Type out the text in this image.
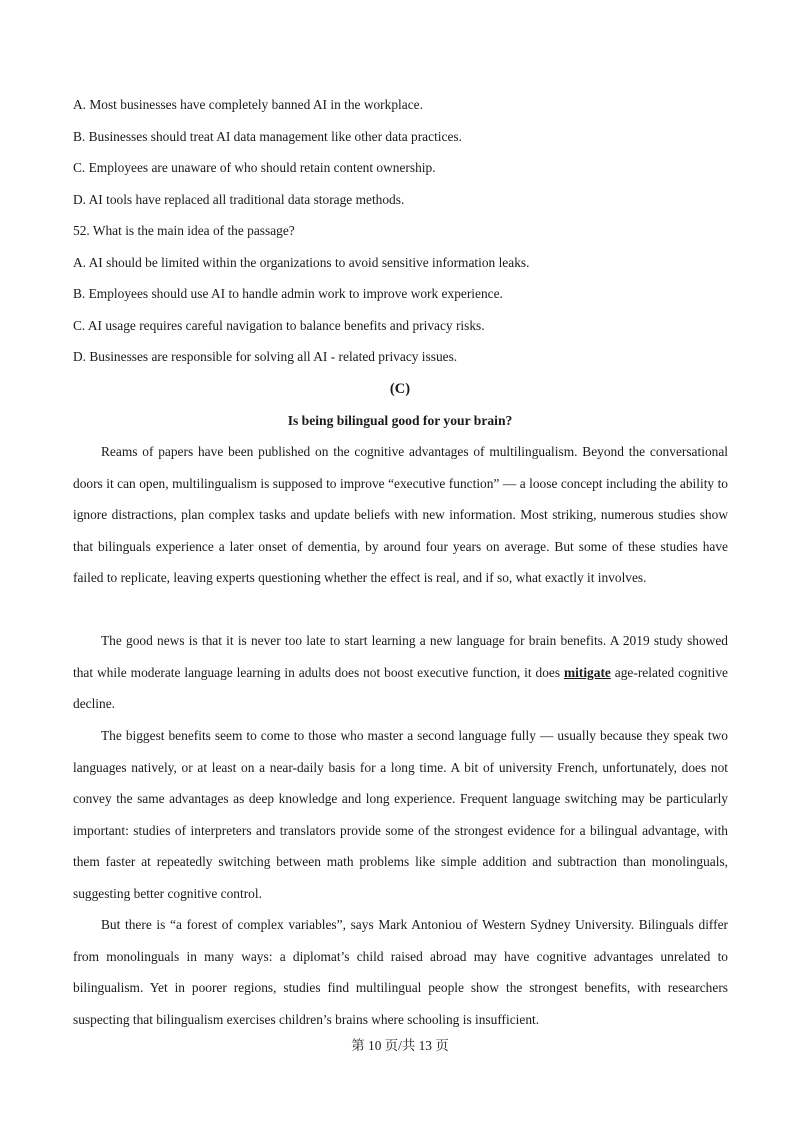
A. Most businesses have completely banned AI in the workplace.
B. Businesses should treat AI data management like other data practices.
C. Employees are unaware of who should retain content ownership.
D. AI tools have replaced all traditional data storage methods.
52. What is the main idea of the passage?
A. AI should be limited within the organizations to avoid sensitive information leaks.
B. Employees should use AI to handle admin work to improve work experience.
C. AI usage requires careful navigation to balance benefits and privacy risks.
D. Businesses are responsible for solving all AI - related privacy issues.
(C)
Is being bilingual good for your brain?

Reams of papers have been published on the cognitive advantages of multilingualism. Beyond the conversational doors it can open, multilingualism is supposed to improve “executive function” — a loose concept including the ability to ignore distractions, plan complex tasks and update beliefs with new information. Most striking, numerous studies show that bilinguals experience a later onset of dementia, by around four years on average. But some of these studies have failed to replicate, leaving experts questioning whether the effect is real, and if so, what exactly it involves.

The good news is that it is never too late to start learning a new language for brain benefits. A 2019 study showed that while moderate language learning in adults does not boost executive function, it does mitigate age-related cognitive decline.

The biggest benefits seem to come to those who master a second language fully — usually because they speak two languages natively, or at least on a near-daily basis for a long time. A bit of university French, unfortunately, does not convey the same advantages as deep knowledge and long experience. Frequent language switching may be particularly important: studies of interpreters and translators provide some of the strongest evidence for a bilingual advantage, with them faster at repeatedly switching between math problems like simple addition and subtraction than monolinguals, suggesting better cognitive control.

But there is “a forest of complex variables”, says Mark Antoniou of Western Sydney University. Bilinguals differ from monolinguals in many ways: a diplomat’s child raised abroad may have cognitive advantages unrelated to bilingualism. Yet in poorer regions, studies find multilingual people show the strongest benefits, with researchers suspecting that bilingualism exercises children’s brains where schooling is insufficient.

第 10 页/共 13 页
